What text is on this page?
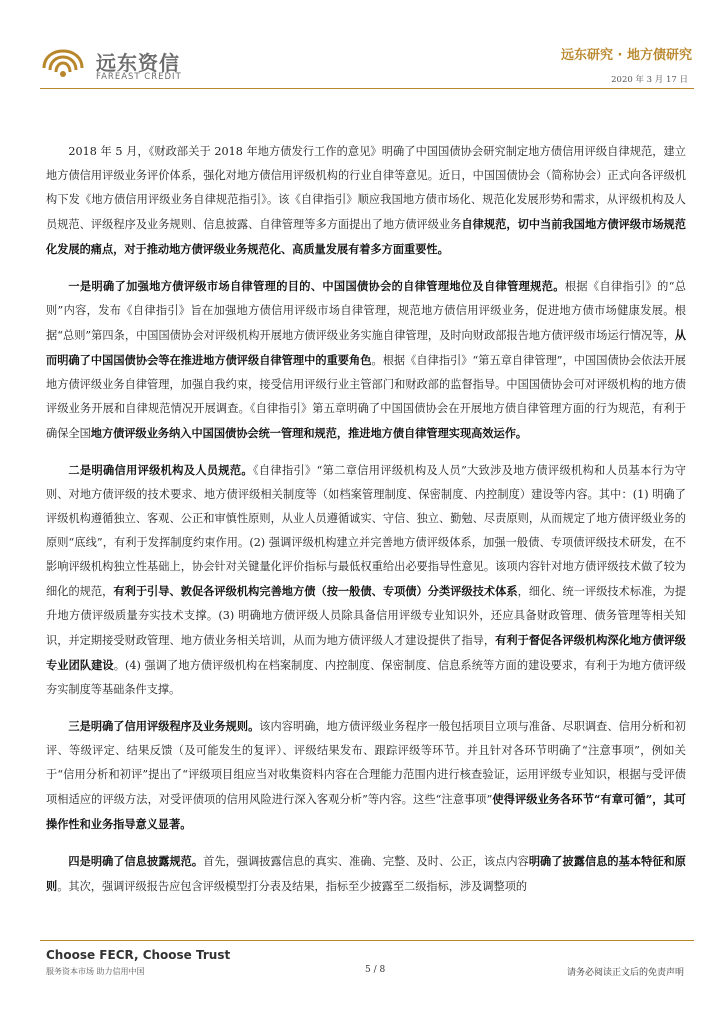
远东资信
FAREAST CREDIT
远东研究 · 地方债研究
2020 年 3 月 17 日

2018 年 5 月，《财政部关于 2018 年地方债发行工作的意见》明确了中国国债协会研究制定地方债信用评级自律规范，建立地方债信用评级业务评价体系，强化对地方债信用评级机构的行业自律等意见。近日，中国国债协会（简称协会）正式向各评级机构下发《地方债信用评级业务自律规范指引》。该《自律指引》顺应我国地方债市场化、规范化发展形势和需求，从评级机构及人员规范、评级程序及业务规则、信息披露、自律管理等多方面提出了地方债评级业务自律规范，切中当前我国地方债评级市场规范化发展的痛点，对于推动地方债评级业务规范化、高质量发展有着多方面重要性。

一是明确了加强地方债评级市场自律管理的目的、中国国债协会的自律管理地位及自律管理规范。根据《自律指引》的“总则”内容，发布《自律指引》旨在加强地方债信用评级市场自律管理，规范地方债信用评级业务，促进地方债市场健康发展。根据“总则”第四条，中国国债协会对评级机构开展地方债评级业务实施自律管理，及时向财政部报告地方债评级市场运行情况等，从而明确了中国国债协会等在推进地方债评级自律管理中的重要角色。根据《自律指引》“第五章自律管理”，中国国债协会依法开展地方债评级业务自律管理，加强自我约束，接受信用评级行业主管部门和财政部的监督指导。中国国债协会可对评级机构的地方债评级业务开展和自律规范情况开展调查。《自律指引》第五章明确了中国国债协会在开展地方债自律管理方面的行为规范，有利于确保全国地方债评级业务纳入中国国债协会统一管理和规范，推进地方债自律管理实现高效运作。

二是明确信用评级机构及人员规范。《自律指引》“第二章信用评级机构及人员”大致涉及地方债评级机构和人员基本行为守则、对地方债评级的技术要求、地方债评级相关制度等（如档案管理制度、保密制度、内控制度）建设等内容。其中：(1) 明确了评级机构遵循独立、客观、公正和审慎性原则，从业人员遵循诚实、守信、独立、勤勉、尽责原则，从而规定了地方债评级业务的原则“底线”，有利于发挥制度约束作用。(2) 强调评级机构建立并完善地方债评级体系，加强一般债、专项债评级技术研发，在不影响评级机构独立性基础上，协会针对关键量化评价指标与最低权重给出必要指导性意见。该项内容针对地方债评级技术做了较为细化的规范，有利于引导、敦促各评级机构完善地方债（按一般债、专项债）分类评级技术体系，细化、统一评级技术标准，为提升地方债评级质量夯实技术支撑。(3) 明确地方债评级人员除具备信用评级专业知识外，还应具备财政管理、债务管理等相关知识，并定期接受财政管理、地方债业务相关培训，从而为地方债评级人才建设提供了指导，有利于督促各评级机构深化地方债评级专业团队建设。(4) 强调了地方债评级机构在档案制度、内控制度、保密制度、信息系统等方面的建设要求，有利于为地方债评级夯实制度等基础条件支撑。

三是明确了信用评级程序及业务规则。该内容明确，地方债评级业务程序一般包括项目立项与准备、尽职调查、信用分析和初评、等级评定、结果反馈（及可能发生的复评）、评级结果发布、跟踪评级等环节。并且针对各环节明确了“注意事项”，例如关于“信用分析和初评”提出了“评级项目组应当对收集资料内容在合理能力范围内进行核查验证，运用评级专业知识，根据与受评债项相适应的评级方法，对受评债项的信用风险进行深入客观分析”等内容。这些“注意事项”使得评级业务各环节“有章可循”，其可操作性和业务指导意义显著。

四是明确了信息披露规范。首先，强调披露信息的真实、准确、完整、及时、公正，该点内容明确了披露信息的基本特征和原则。其次，强调评级报告应包含评级模型打分表及结果，指标至少披露至二级指标，涉及调整项的

Choose FECR, Choose Trust
服务资本市场 助力信用中国	5 / 8	请务必阅读正文后的免责声明
